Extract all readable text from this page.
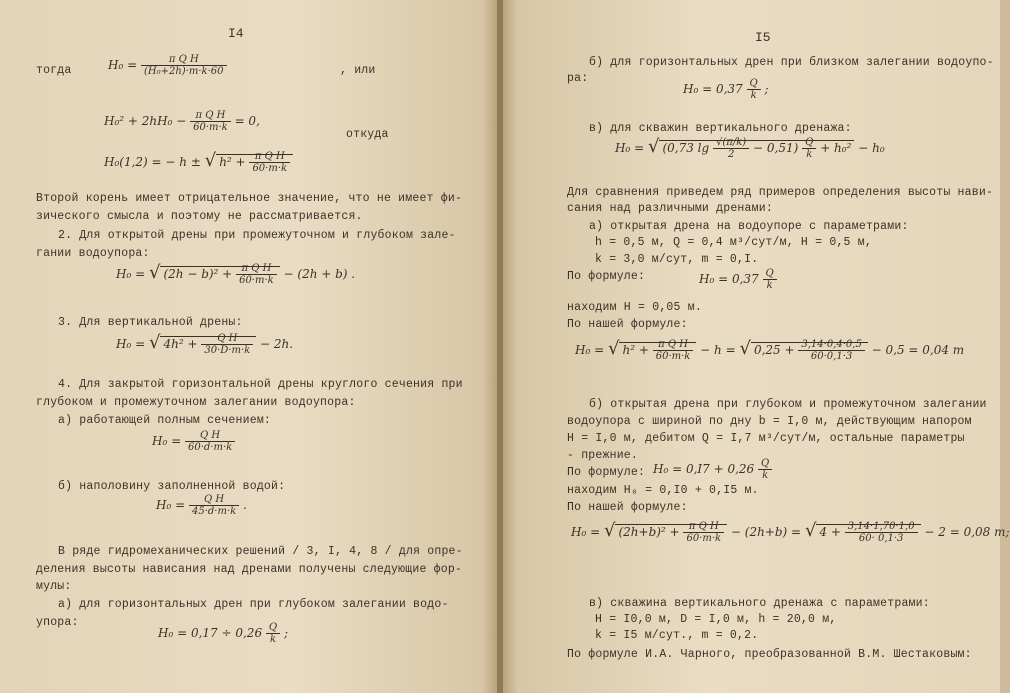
I4
тогда	$H_0 = \frac{\text{π Q H}}{\text{(H₀+2h)·m·k·60}}$	, или
$H_0^2 + 2hH_0 - \frac{\text{π Q H}}{60\cdot m\cdot k} = 0$,
откуда
H₀(1,2) = − h ± √ $h^2 + \frac{\text{π Q H}}{60\cdot m\cdot k}$
Второй корень имеет отрицательное значение, что не имеет фи-
зического смысла и поэтому не рассматривается.
2. Для открытой дрены при промежуточном и глубоком зале-
гании водоупора:
H₀ = √ $(2h - b)^2 + \frac{\text{π Q H}}{60\cdot m\cdot k} - (2h + b)$ .
3. Для вертикальной дрены:
H₀ = √ $4h^2 + \frac{\text{Q H}}{30\cdot D\cdot m\cdot k} - 2h$.
4. Для закрытой горизонтальной дрены круглого сечения при
глубоком и промежуточном залегании водоупора:
а) работающей полным сечением:
$H_0 = \frac{\text{Q H}}{60\cdot d\cdot m\cdot k}$
б) наполовину заполненной водой:
$H_0 = \frac{\text{Q H}}{45\cdot d\cdot m\cdot k}$ .
В ряде гидромеханических решений / 3, I, 4, 8 / для опре-
деления высоты нависания над дренами получены следующие фор-
мулы:
а) для горизонтальных дрен при глубоком залегании водо-
упора:
$H_0 = 0,17 \div 0,26 \frac{Q}{k}$ ;
I5
б) для горизонтальных дрен при близком залегании водоупо-
ра:
$H_0 = 0,37 \frac{Q}{k}$ ;
в) для скважин вертикального дренажа:
H₀ = √ (0,73 $\lg \frac{√(\pi/k)}{2} - 0,51) \frac{Q}{k} + h_0^2 - h_0$
Для сравнения приведем ряд примеров определения высоты нави-
сания над различными дренами:
а) открытая дрена на водоупоре с параметрами:
h = 0,5 м, Q = 0,4 м³/сут/м, H = 0,5 м,
k = 3,0 м/сут, m = 0,I.
По формуле:	$H_0 = 0,37 \frac{Q}{k}$
находим H = 0,05 м.
По нашей формуле:
H₀ = √ $h^2 + \frac{\text{π Q H}}{60\cdot m\cdot k} - h$ = √ $0,25 + \frac{3,14\cdot 0,4\cdot 0,5}{60\cdot 0,1\cdot 3} - 0,5 = 0,04$ m
б) открытая дрена при глубоком и промежуточном залегании
водоупора с шириной по дну b = I,0 м, действующим напором
H = I,0 м, дебитом Q = I,7 м³/сут/м, остальные параметры
- прежние.
По формуле: $H_0 = 0,I7 + 0,26 \frac{Q}{k}$
находим H₀ = 0,I0 + 0,I5 м.
По нашей формуле:
H₀ = √ $(2h+b)^2 + \frac{\text{π Q H}}{60\cdot m\cdot k} - (2h+b)$ = √ $4 + \frac{3,14\cdot 1,70\cdot 1,0}{60\cdot 0,1\cdot 3} - 2 = 0,08$ m;
в) скважина вертикального дренажа с параметрами:
H = I0,0 м, D = I,0 м, h = 20,0 м,
k = I5 м/сут., m = 0,2.
По формуле И.А. Чарного, преобразованной В.М. Шестаковым:
